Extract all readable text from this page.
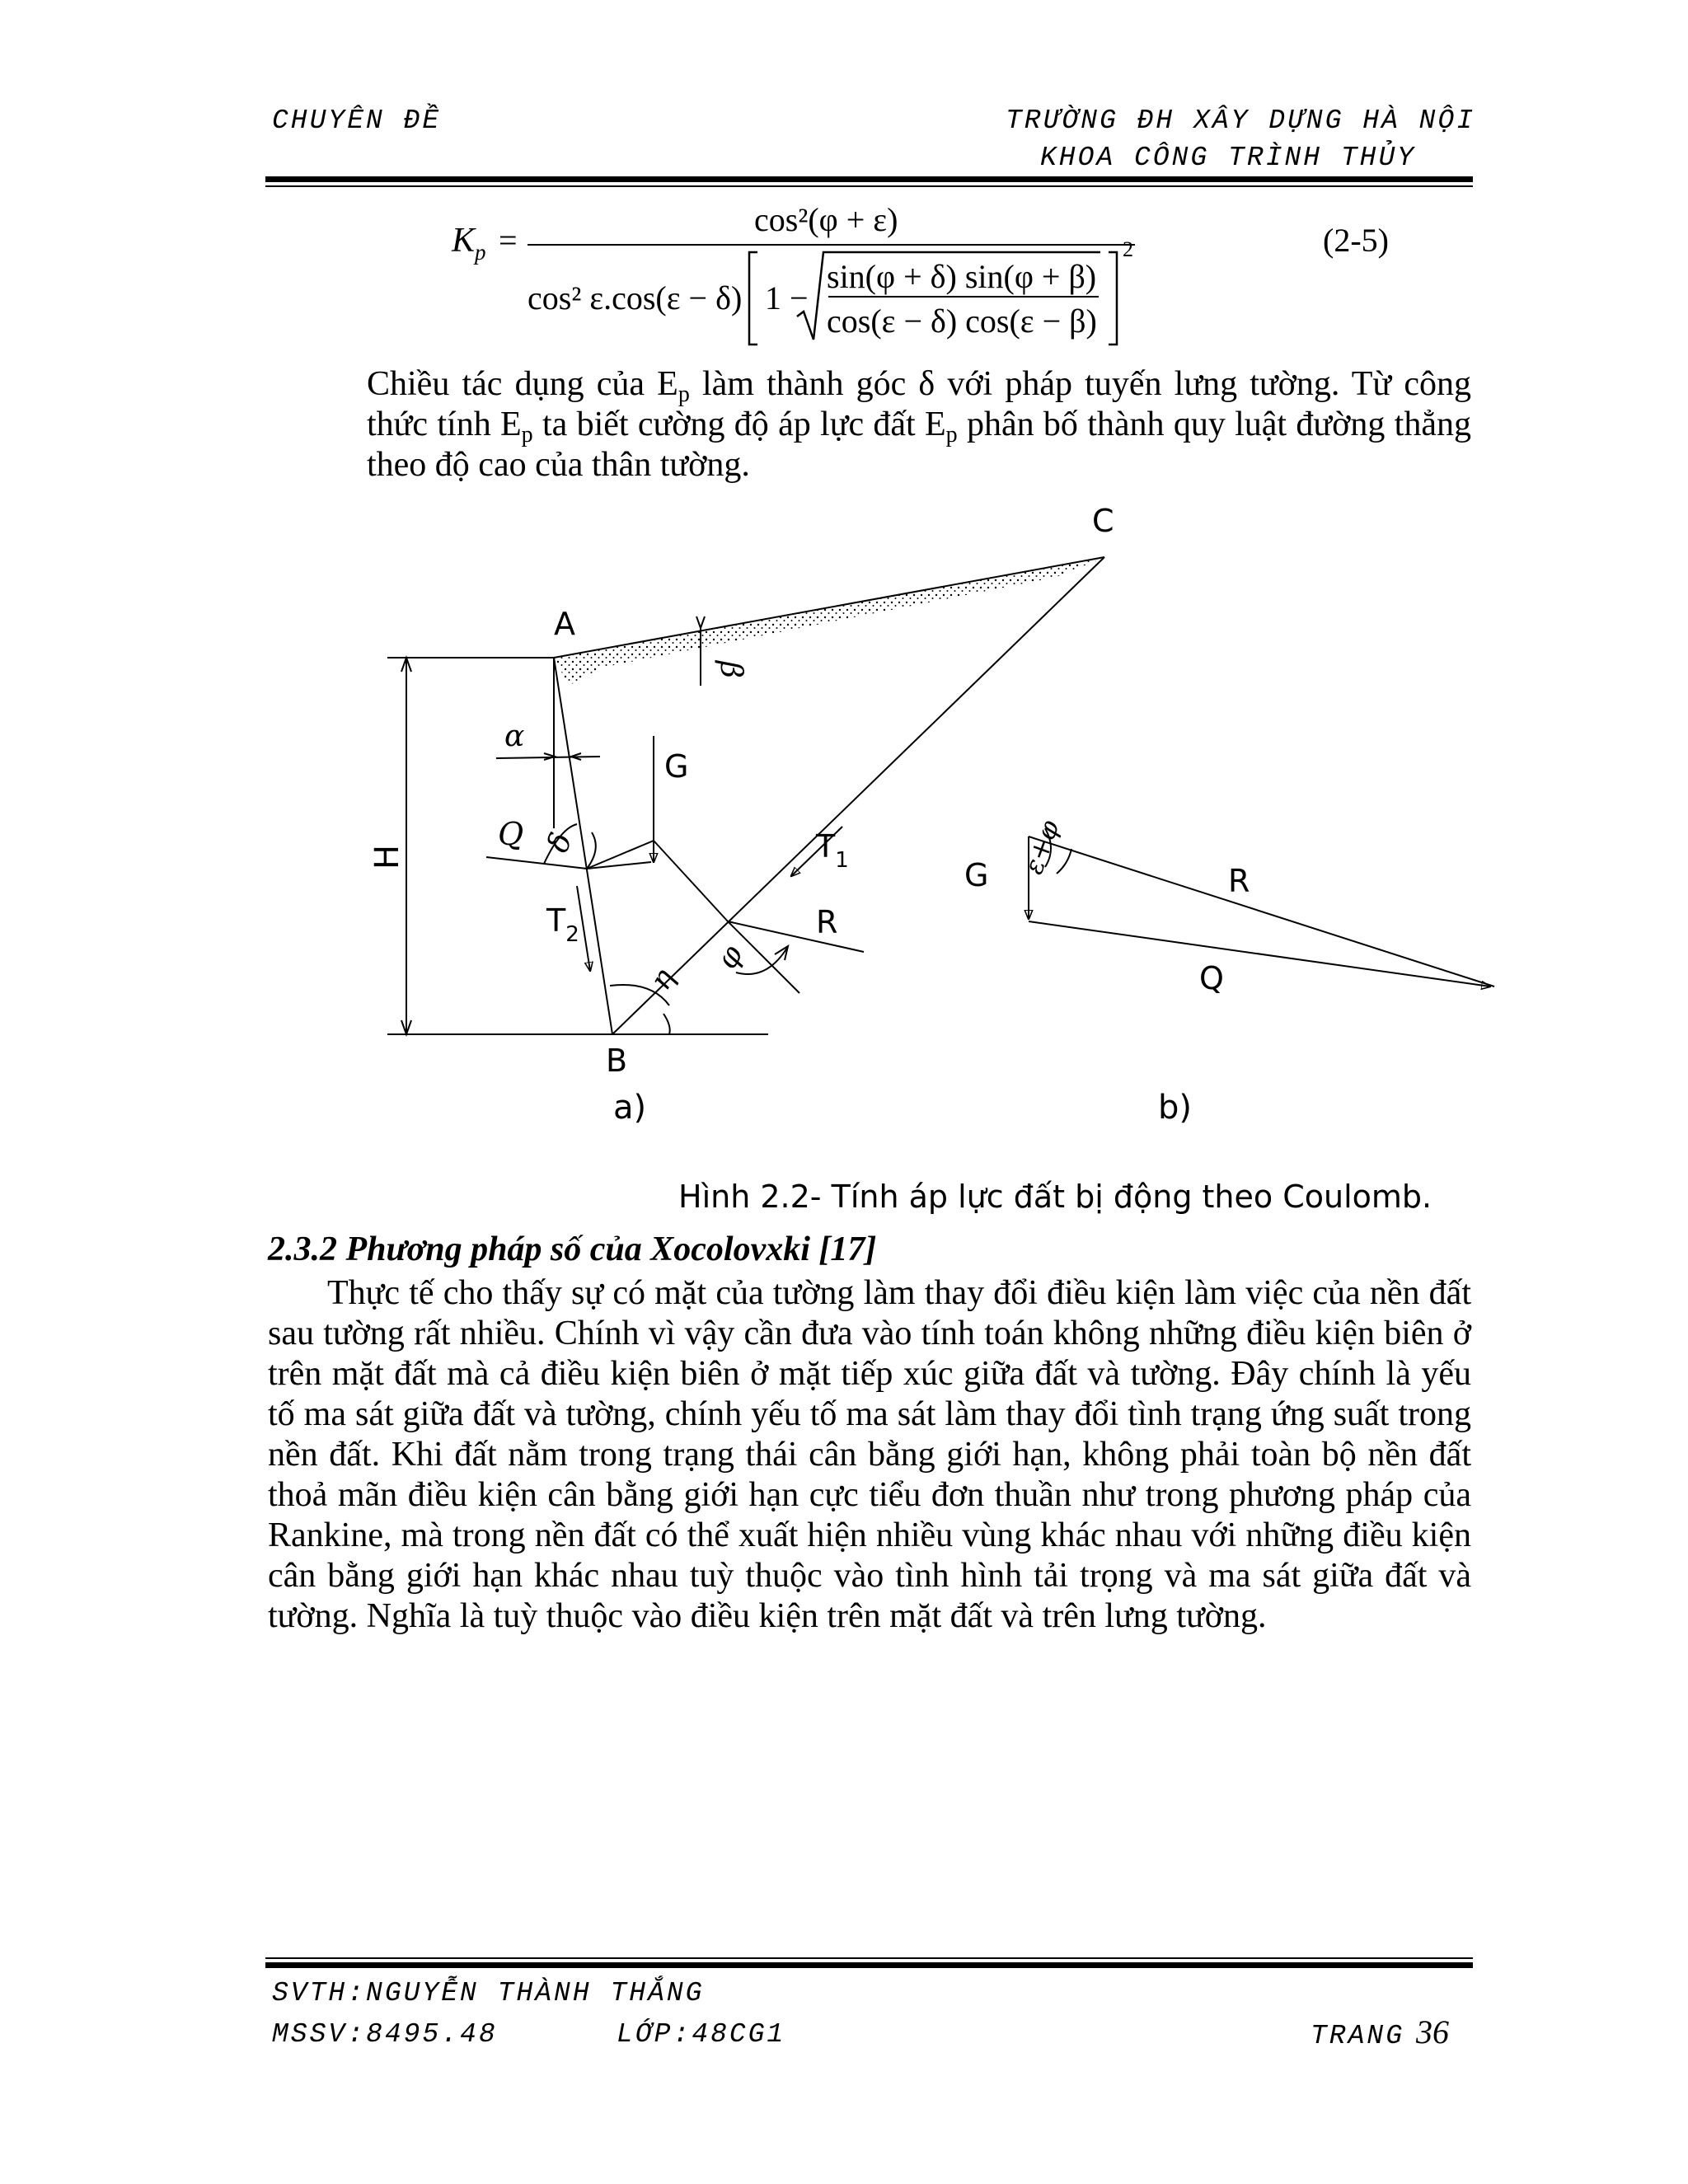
CHUYÊN ĐỀ	TRƯỜNG ĐH XÂY DỰNG HÀ NỘI
KHOA CÔNG TRÌNH THỦY
$K_p$ =
cos²(φ + ε)
cos² ε.cos(ε − δ) 1 −
sin(φ + δ) sin(φ + β)
cos(ε − δ) cos(ε − β)
2	(2-5)
Chiều tác dụng của $E_p$ làm thành góc δ với pháp tuyến lưng tường. Từ công thức tính $E_p$ ta biết cường độ áp lực đất $E_p$ phân bố thành quy luật đường thẳng theo độ cao của thân tường.
C
A
B
G
Q	$T_1$
$T_2$	R
G	R
Q
α
β
δ
φ
η
ε+φ
H
a)	b)
Hình 2.2- Tính áp lực đất bị động theo Coulomb.
2.3.2 Phương pháp số của Xocolovxki [17]

Thực tế cho thấy sự có mặt của tường làm thay đổi điều kiện làm việc của nền đất sau tường rất nhiều. Chính vì vậy cần đưa vào tính toán không những điều kiện biên ở trên mặt đất mà cả điều kiện biên ở mặt tiếp xúc giữa đất và tường. Đây chính là yếu tố ma sát giữa đất và tường, chính yếu tố ma sát làm thay đổi tình trạng ứng suất trong nền đất. Khi đất nằm trong trạng thái cân bằng giới hạn, không phải toàn bộ nền đất thoả mãn điều kiện cân bằng giới hạn cực tiểu đơn thuần như trong phương pháp của Rankine, mà trong nền đất có thể xuất hiện nhiều vùng khác nhau với những điều kiện cân bằng giới hạn khác nhau tuỳ thuộc vào tình hình tải trọng và ma sát giữa đất và tường. Nghĩa là tuỳ thuộc vào điều kiện trên mặt đất và trên lưng tường.

SVTH:NGUYỄN THÀNH THẮNG
MSSV:8495.48	LỚP:48CG1	TRANG 36
